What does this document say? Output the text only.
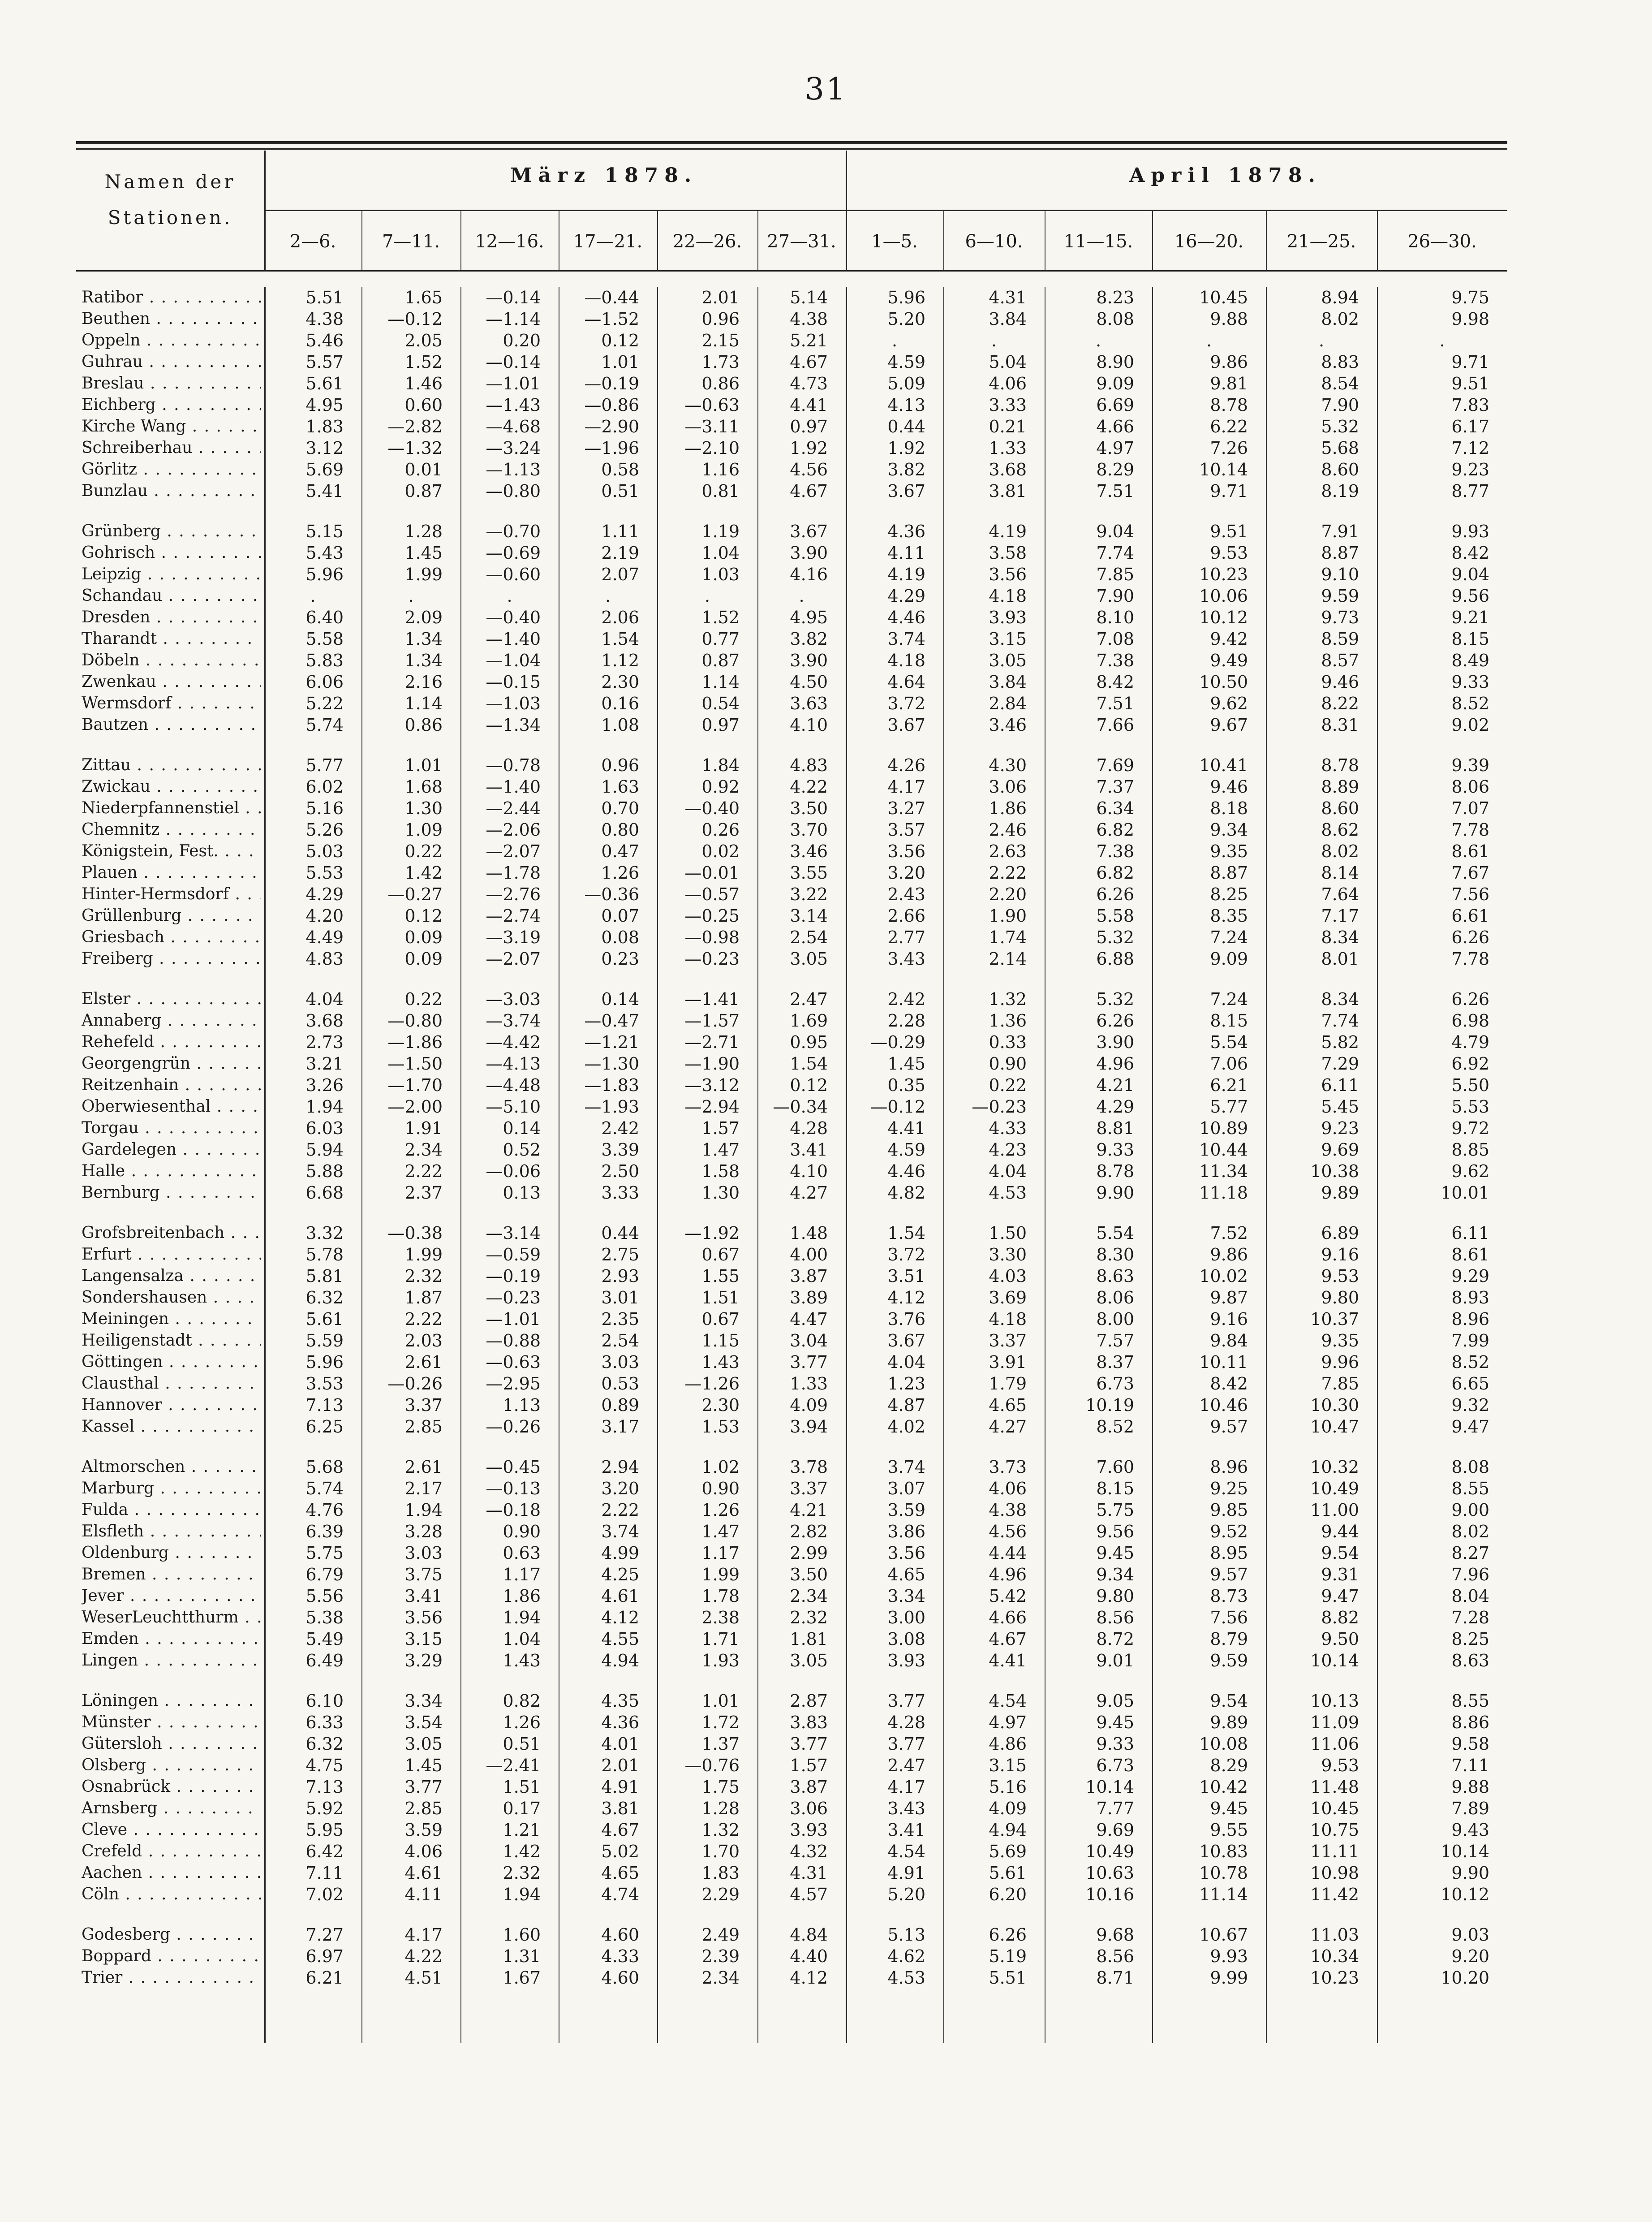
31
Namen der Stationen.
März 1878.	April 1878.
2—6.	7—11.	12—16.	17—21.	22—26.	27—31.	1—5.	6—10.	11—15.	16—20.	21—25.	26—30.
Ratibor . . .	5.51	1.65	—0.14	—0.44	2.01	5.14	5.96	4.31	8.23	10.45	8.94	9.75
Beuthen . . .	4.38	—0.12	—1.14	—1.52	0.96	4.38	5.20	3.84	8.08	9.88	8.02	9.98
Oppeln . . .	5.46	2.05	0.20	0.12	2.15	5.21	.	.	.	.	.	.
Guhrau . . .	5.57	1.52	—0.14	1.01	1.73	4.67	4.59	5.04	8.90	9.86	8.83	9.71
Breslau . . .	5.61	1.46	—1.01	—0.19	0.86	4.73	5.09	4.06	9.09	9.81	8.54	9.51
Eichberg . . .	4.95	0.60	—1.43	—0.86	—0.63	4.41	4.13	3.33	6.69	8.78	7.90	7.83
Kirche Wang . . .	1.83	—2.82	—4.68	—2.90	—3.11	0.97	0.44	0.21	4.66	6.22	5.32	6.17
Schreiberhau . . .	3.12	—1.32	—3.24	—1.96	—2.10	1.92	1.92	1.33	4.97	7.26	5.68	7.12
Görlitz . . .	5.69	0.01	—1.13	0.58	1.16	4.56	3.82	3.68	8.29	10.14	8.60	9.23
Bunzlau . . .	5.41	0.87	—0.80	0.51	0.81	4.67	3.67	3.81	7.51	9.71	8.19	8.77
Grünberg . . .	5.15	1.28	—0.70	1.11	1.19	3.67	4.36	4.19	9.04	9.51	7.91	9.93
Gohrisch . . .	5.43	1.45	—0.69	2.19	1.04	3.90	4.11	3.58	7.74	9.53	8.87	8.42
Leipzig . . .	5.96	1.99	—0.60	2.07	1.03	4.16	4.19	3.56	7.85	10.23	9.10	9.04
Schandau . . .	.	.	.	.	.	.	4.29	4.18	7.90	10.06	9.59	9.56
Dresden . . .	6.40	2.09	—0.40	2.06	1.52	4.95	4.46	3.93	8.10	10.12	9.73	9.21
Tharandt . . .	5.58	1.34	—1.40	1.54	0.77	3.82	3.74	3.15	7.08	9.42	8.59	8.15
Döbeln . . .	5.83	1.34	—1.04	1.12	0.87	3.90	4.18	3.05	7.38	9.49	8.57	8.49
Zwenkau . . .	6.06	2.16	—0.15	2.30	1.14	4.50	4.64	3.84	8.42	10.50	9.46	9.33
Wermsdorf . . .	5.22	1.14	—1.03	0.16	0.54	3.63	3.72	2.84	7.51	9.62	8.22	8.52
Bautzen . . .	5.74	0.86	—1.34	1.08	0.97	4.10	3.67	3.46	7.66	9.67	8.31	9.02
Zittau . . .	5.77	1.01	—0.78	0.96	1.84	4.83	4.26	4.30	7.69	10.41	8.78	9.39
Zwickau . . .	6.02	1.68	—1.40	1.63	0.92	4.22	4.17	3.06	7.37	9.46	8.89	8.06
Niederpfannenstiel . . .	5.16	1.30	—2.44	0.70	—0.40	3.50	3.27	1.86	6.34	8.18	8.60	7.07
Chemnitz . . .	5.26	1.09	—2.06	0.80	0.26	3.70	3.57	2.46	6.82	9.34	8.62	7.78
Königstein, Fest. . . .	5.03	0.22	—2.07	0.47	0.02	3.46	3.56	2.63	7.38	9.35	8.02	8.61
Plauen . . .	5.53	1.42	—1.78	1.26	—0.01	3.55	3.20	2.22	6.82	8.87	8.14	7.67
Hinter-Hermsdorf . . .	4.29	—0.27	—2.76	—0.36	—0.57	3.22	2.43	2.20	6.26	8.25	7.64	7.56
Grüllenburg . . .	4.20	0.12	—2.74	0.07	—0.25	3.14	2.66	1.90	5.58	8.35	7.17	6.61
Griesbach . . .	4.49	0.09	—3.19	0.08	—0.98	2.54	2.77	1.74	5.32	7.24	8.34	6.26
Freiberg . . .	4.83	0.09	—2.07	0.23	—0.23	3.05	3.43	2.14	6.88	9.09	8.01	7.78
Elster . . .	4.04	0.22	—3.03	0.14	—1.41	2.47	2.42	1.32	5.32	7.24	8.34	6.26
Annaberg . . .	3.68	—0.80	—3.74	—0.47	—1.57	1.69	2.28	1.36	6.26	8.15	7.74	6.98
Rehefeld . . .	2.73	—1.86	—4.42	—1.21	—2.71	0.95	—0.29	0.33	3.90	5.54	5.82	4.79
Georgengrün . . .	3.21	—1.50	—4.13	—1.30	—1.90	1.54	1.45	0.90	4.96	7.06	7.29	6.92
Reitzenhain . . .	3.26	—1.70	—4.48	—1.83	—3.12	0.12	0.35	0.22	4.21	6.21	6.11	5.50
Oberwiesenthal . . .	1.94	—2.00	—5.10	—1.93	—2.94	—0.34	—0.12	—0.23	4.29	5.77	5.45	5.53
Torgau . . .	6.03	1.91	0.14	2.42	1.57	4.28	4.41	4.33	8.81	10.89	9.23	9.72
Gardelegen . . .	5.94	2.34	0.52	3.39	1.47	3.41	4.59	4.23	9.33	10.44	9.69	8.85
Halle . . .	5.88	2.22	—0.06	2.50	1.58	4.10	4.46	4.04	8.78	11.34	10.38	9.62
Bernburg . . .	6.68	2.37	0.13	3.33	1.30	4.27	4.82	4.53	9.90	11.18	9.89	10.01
Grofsbreitenbach . . .	3.32	—0.38	—3.14	0.44	—1.92	1.48	1.54	1.50	5.54	7.52	6.89	6.11
Erfurt . . .	5.78	1.99	—0.59	2.75	0.67	4.00	3.72	3.30	8.30	9.86	9.16	8.61
Langensalza . . .	5.81	2.32	—0.19	2.93	1.55	3.87	3.51	4.03	8.63	10.02	9.53	9.29
Sondershausen . . .	6.32	1.87	—0.23	3.01	1.51	3.89	4.12	3.69	8.06	9.87	9.80	8.93
Meiningen . . .	5.61	2.22	—1.01	2.35	0.67	4.47	3.76	4.18	8.00	9.16	10.37	8.96
Heiligenstadt . . .	5.59	2.03	—0.88	2.54	1.15	3.04	3.67	3.37	7.57	9.84	9.35	7.99
Göttingen . . .	5.96	2.61	—0.63	3.03	1.43	3.77	4.04	3.91	8.37	10.11	9.96	8.52
Clausthal . . .	3.53	—0.26	—2.95	0.53	—1.26	1.33	1.23	1.79	6.73	8.42	7.85	6.65
Hannover . . .	7.13	3.37	1.13	0.89	2.30	4.09	4.87	4.65	10.19	10.46	10.30	9.32
Kassel . . .	6.25	2.85	—0.26	3.17	1.53	3.94	4.02	4.27	8.52	9.57	10.47	9.47
Altmorschen . . .	5.68	2.61	—0.45	2.94	1.02	3.78	3.74	3.73	7.60	8.96	10.32	8.08
Marburg . . .	5.74	2.17	—0.13	3.20	0.90	3.37	3.07	4.06	8.15	9.25	10.49	8.55
Fulda . . .	4.76	1.94	—0.18	2.22	1.26	4.21	3.59	4.38	5.75	9.85	11.00	9.00
Elsfleth . . .	6.39	3.28	0.90	3.74	1.47	2.82	3.86	4.56	9.56	9.52	9.44	8.02
Oldenburg . . .	5.75	3.03	0.63	4.99	1.17	2.99	3.56	4.44	9.45	8.95	9.54	8.27
Bremen . . .	6.79	3.75	1.17	4.25	1.99	3.50	4.65	4.96	9.34	9.57	9.31	7.96
Jever . . .	5.56	3.41	1.86	4.61	1.78	2.34	3.34	5.42	9.80	8.73	9.47	8.04
WeserLeuchtthurm . . .	5.38	3.56	1.94	4.12	2.38	2.32	3.00	4.66	8.56	7.56	8.82	7.28
Emden . . .	5.49	3.15	1.04	4.55	1.71	1.81	3.08	4.67	8.72	8.79	9.50	8.25
Lingen . . .	6.49	3.29	1.43	4.94	1.93	3.05	3.93	4.41	9.01	9.59	10.14	8.63
Löningen . . .	6.10	3.34	0.82	4.35	1.01	2.87	3.77	4.54	9.05	9.54	10.13	8.55
Münster . . .	6.33	3.54	1.26	4.36	1.72	3.83	4.28	4.97	9.45	9.89	11.09	8.86
Gütersloh . . .	6.32	3.05	0.51	4.01	1.37	3.77	3.77	4.86	9.33	10.08	11.06	9.58
Olsberg . . .	4.75	1.45	—2.41	2.01	—0.76	1.57	2.47	3.15	6.73	8.29	9.53	7.11
Osnabrück . . .	7.13	3.77	1.51	4.91	1.75	3.87	4.17	5.16	10.14	10.42	11.48	9.88
Arnsberg . . .	5.92	2.85	0.17	3.81	1.28	3.06	3.43	4.09	7.77	9.45	10.45	7.89
Cleve . . .	5.95	3.59	1.21	4.67	1.32	3.93	3.41	4.94	9.69	9.55	10.75	9.43
Crefeld . . .	6.42	4.06	1.42	5.02	1.70	4.32	4.54	5.69	10.49	10.83	11.11	10.14
Aachen . . .	7.11	4.61	2.32	4.65	1.83	4.31	4.91	5.61	10.63	10.78	10.98	9.90
Cöln . . .	7.02	4.11	1.94	4.74	2.29	4.57	5.20	6.20	10.16	11.14	11.42	10.12
Godesberg . . .	7.27	4.17	1.60	4.60	2.49	4.84	5.13	6.26	9.68	10.67	11.03	9.03
Boppard . . .	6.97	4.22	1.31	4.33	2.39	4.40	4.62	5.19	8.56	9.93	10.34	9.20
Trier . . .	6.21	4.51	1.67	4.60	2.34	4.12	4.53	5.51	8.71	9.99	10.23	10.20
